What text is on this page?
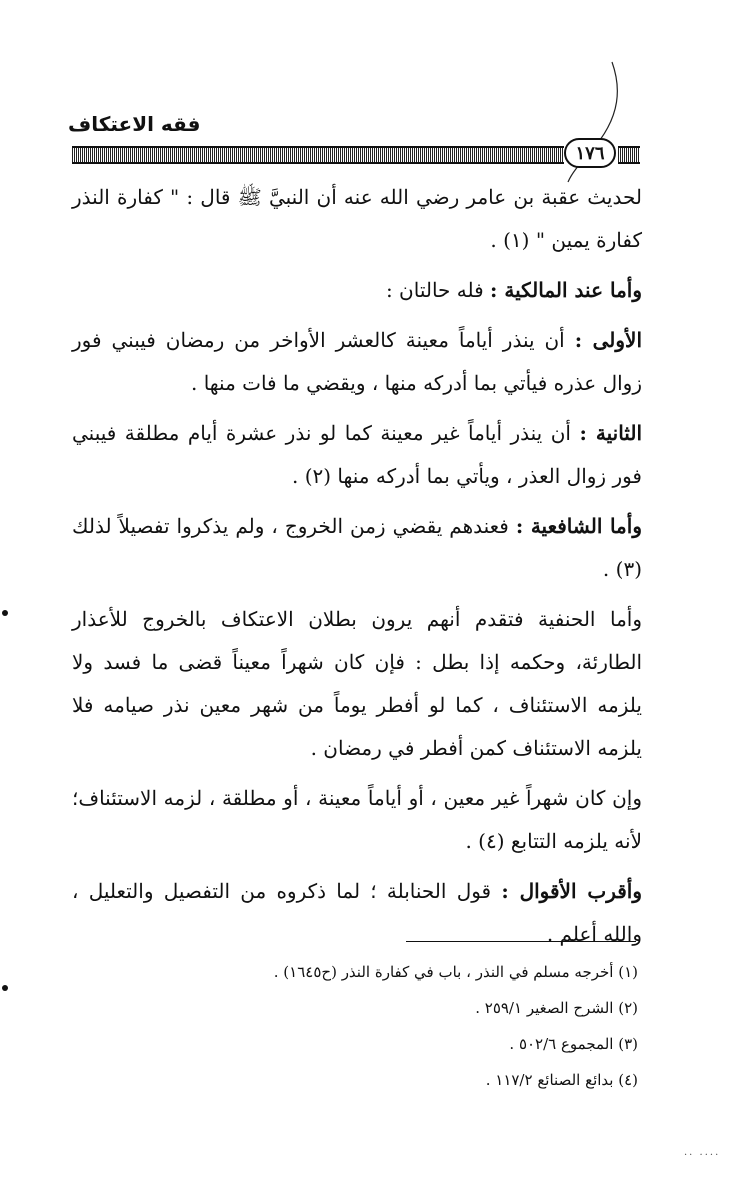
فقه الاعتكاف
١٧٦

لحديث عقبة بن عامر رضي الله عنه أن النبيَّ ﷺ قال : " كفارة النذر كفارة يمين " (١) .

وأما عند المالكية : فله حالتان :

الأولى : أن ينذر أياماً معينة كالعشر الأواخر من رمضان فيبني فور زوال عذره فيأتي بما أدركه منها ، ويقضي ما فات منها .

الثانية : أن ينذر أياماً غير معينة كما لو نذر عشرة أيام مطلقة فيبني فور زوال العذر ، ويأتي بما أدركه منها (٢) .

وأما الشافعية : فعندهم يقضي زمن الخروج ، ولم يذكروا تفصيلاً لذلك (٣) .

وأما الحنفية فتقدم أنهم يرون بطلان الاعتكاف بالخروج للأعذار الطارئة، وحكمه إذا بطل : فإن كان شهراً معيناً قضى ما فسد ولا يلزمه الاستئناف ، كما لو أفطر يوماً من شهر معين نذر صيامه فلا يلزمه الاستئناف كمن أفطر في رمضان .

وإن كان شهراً غير معين ، أو أياماً معينة ، أو مطلقة ، لزمه الاستئناف؛ لأنه يلزمه التتابع (٤) .

وأقرب الأقوال : قول الحنابلة ؛ لما ذكروه من التفصيل والتعليل ، والله أعلم .

(١) أخرجه مسلم في النذر ، باب في كفارة النذر (ح١٦٤٥) .
(٢) الشرح الصغير ٢٥٩/١ .
(٣) المجموع ٥٠٢/٦ .
(٤) بدائع الصنائع ١١٧/٢ .
·· ····
